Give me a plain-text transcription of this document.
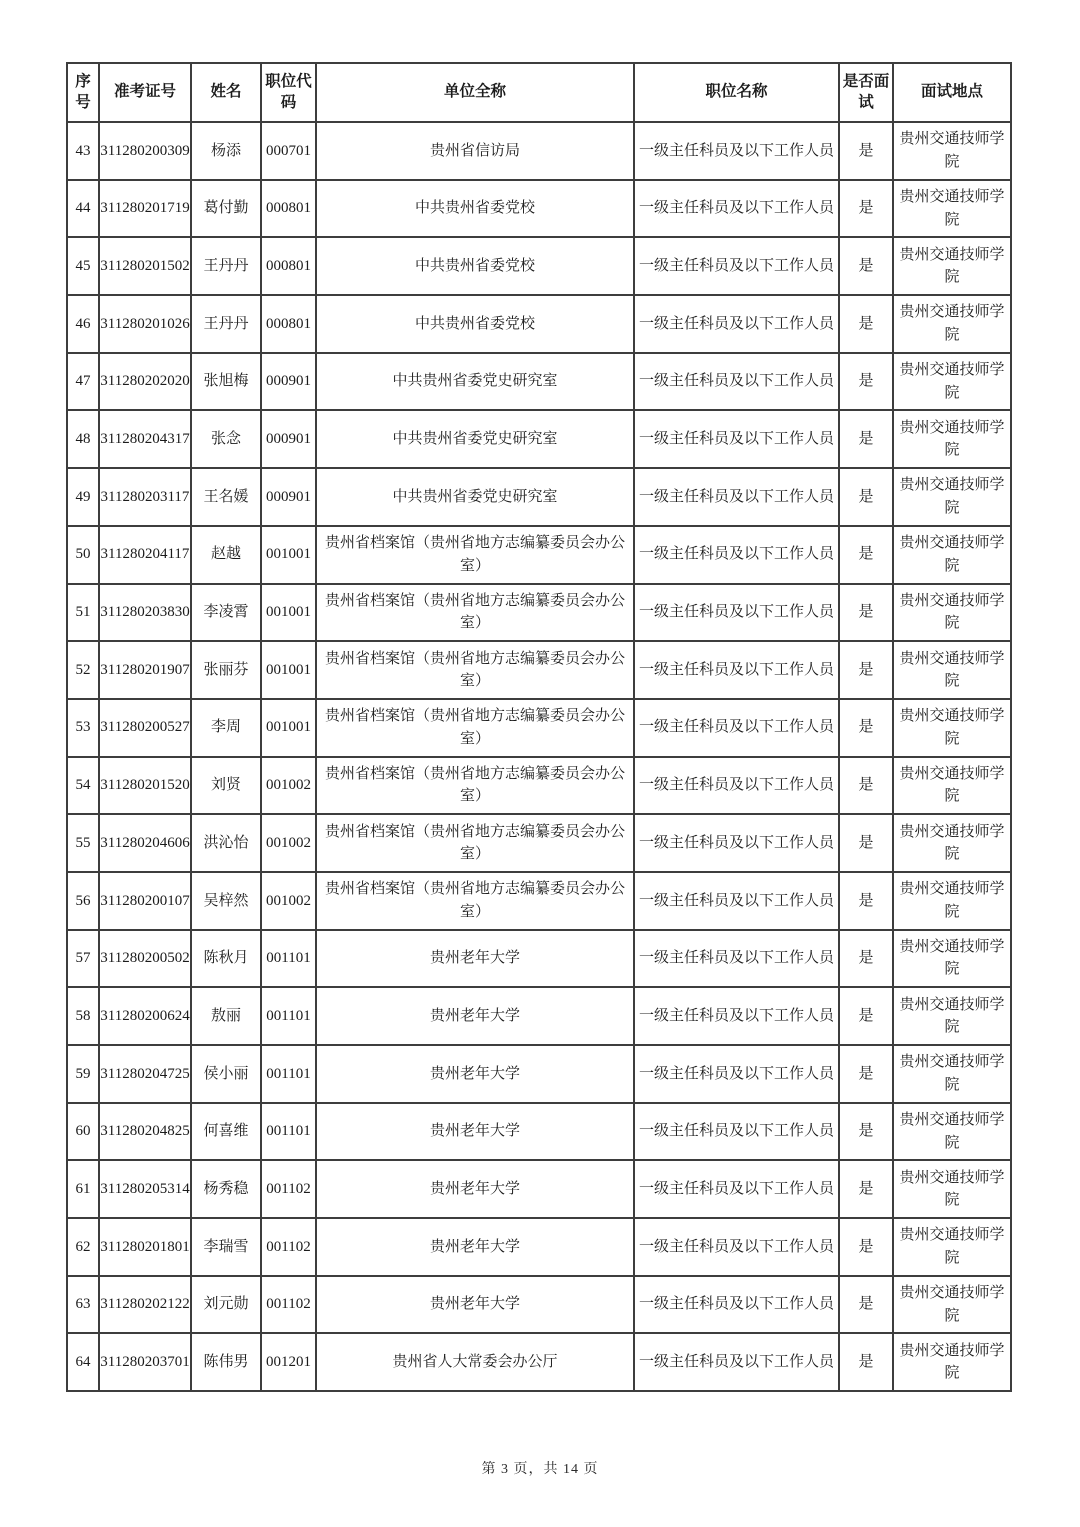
序号	准考证号	姓名	职位代码	单位全称	职位名称	是否面试	面试地点
43	311280200309	杨添	000701	贵州省信访局	一级主任科员及以下工作人员	是	贵州交通技师学院
44	311280201719	葛付勤	000801	中共贵州省委党校	一级主任科员及以下工作人员	是	贵州交通技师学院
45	311280201502	王丹丹	000801	中共贵州省委党校	一级主任科员及以下工作人员	是	贵州交通技师学院
46	311280201026	王丹丹	000801	中共贵州省委党校	一级主任科员及以下工作人员	是	贵州交通技师学院
47	311280202020	张旭梅	000901	中共贵州省委党史研究室	一级主任科员及以下工作人员	是	贵州交通技师学院
48	311280204317	张念	000901	中共贵州省委党史研究室	一级主任科员及以下工作人员	是	贵州交通技师学院
49	311280203117	王名媛	000901	中共贵州省委党史研究室	一级主任科员及以下工作人员	是	贵州交通技师学院
50	311280204117	赵越	001001	贵州省档案馆（贵州省地方志编纂委员会办公室）	一级主任科员及以下工作人员	是	贵州交通技师学院
51	311280203830	李凌霄	001001	贵州省档案馆（贵州省地方志编纂委员会办公室）	一级主任科员及以下工作人员	是	贵州交通技师学院
52	311280201907	张丽芬	001001	贵州省档案馆（贵州省地方志编纂委员会办公室）	一级主任科员及以下工作人员	是	贵州交通技师学院
53	311280200527	李周	001001	贵州省档案馆（贵州省地方志编纂委员会办公室）	一级主任科员及以下工作人员	是	贵州交通技师学院
54	311280201520	刘贤	001002	贵州省档案馆（贵州省地方志编纂委员会办公室）	一级主任科员及以下工作人员	是	贵州交通技师学院
55	311280204606	洪沁怡	001002	贵州省档案馆（贵州省地方志编纂委员会办公室）	一级主任科员及以下工作人员	是	贵州交通技师学院
56	311280200107	吴梓然	001002	贵州省档案馆（贵州省地方志编纂委员会办公室）	一级主任科员及以下工作人员	是	贵州交通技师学院
57	311280200502	陈秋月	001101	贵州老年大学	一级主任科员及以下工作人员	是	贵州交通技师学院
58	311280200624	敖丽	001101	贵州老年大学	一级主任科员及以下工作人员	是	贵州交通技师学院
59	311280204725	侯小丽	001101	贵州老年大学	一级主任科员及以下工作人员	是	贵州交通技师学院
60	311280204825	何喜维	001101	贵州老年大学	一级主任科员及以下工作人员	是	贵州交通技师学院
61	311280205314	杨秀稳	001102	贵州老年大学	一级主任科员及以下工作人员	是	贵州交通技师学院
62	311280201801	李瑞雪	001102	贵州老年大学	一级主任科员及以下工作人员	是	贵州交通技师学院
63	311280202122	刘元勋	001102	贵州老年大学	一级主任科员及以下工作人员	是	贵州交通技师学院
64	311280203701	陈伟男	001201	贵州省人大常委会办公厅	一级主任科员及以下工作人员	是	贵州交通技师学院
第 3 页，共 14 页
